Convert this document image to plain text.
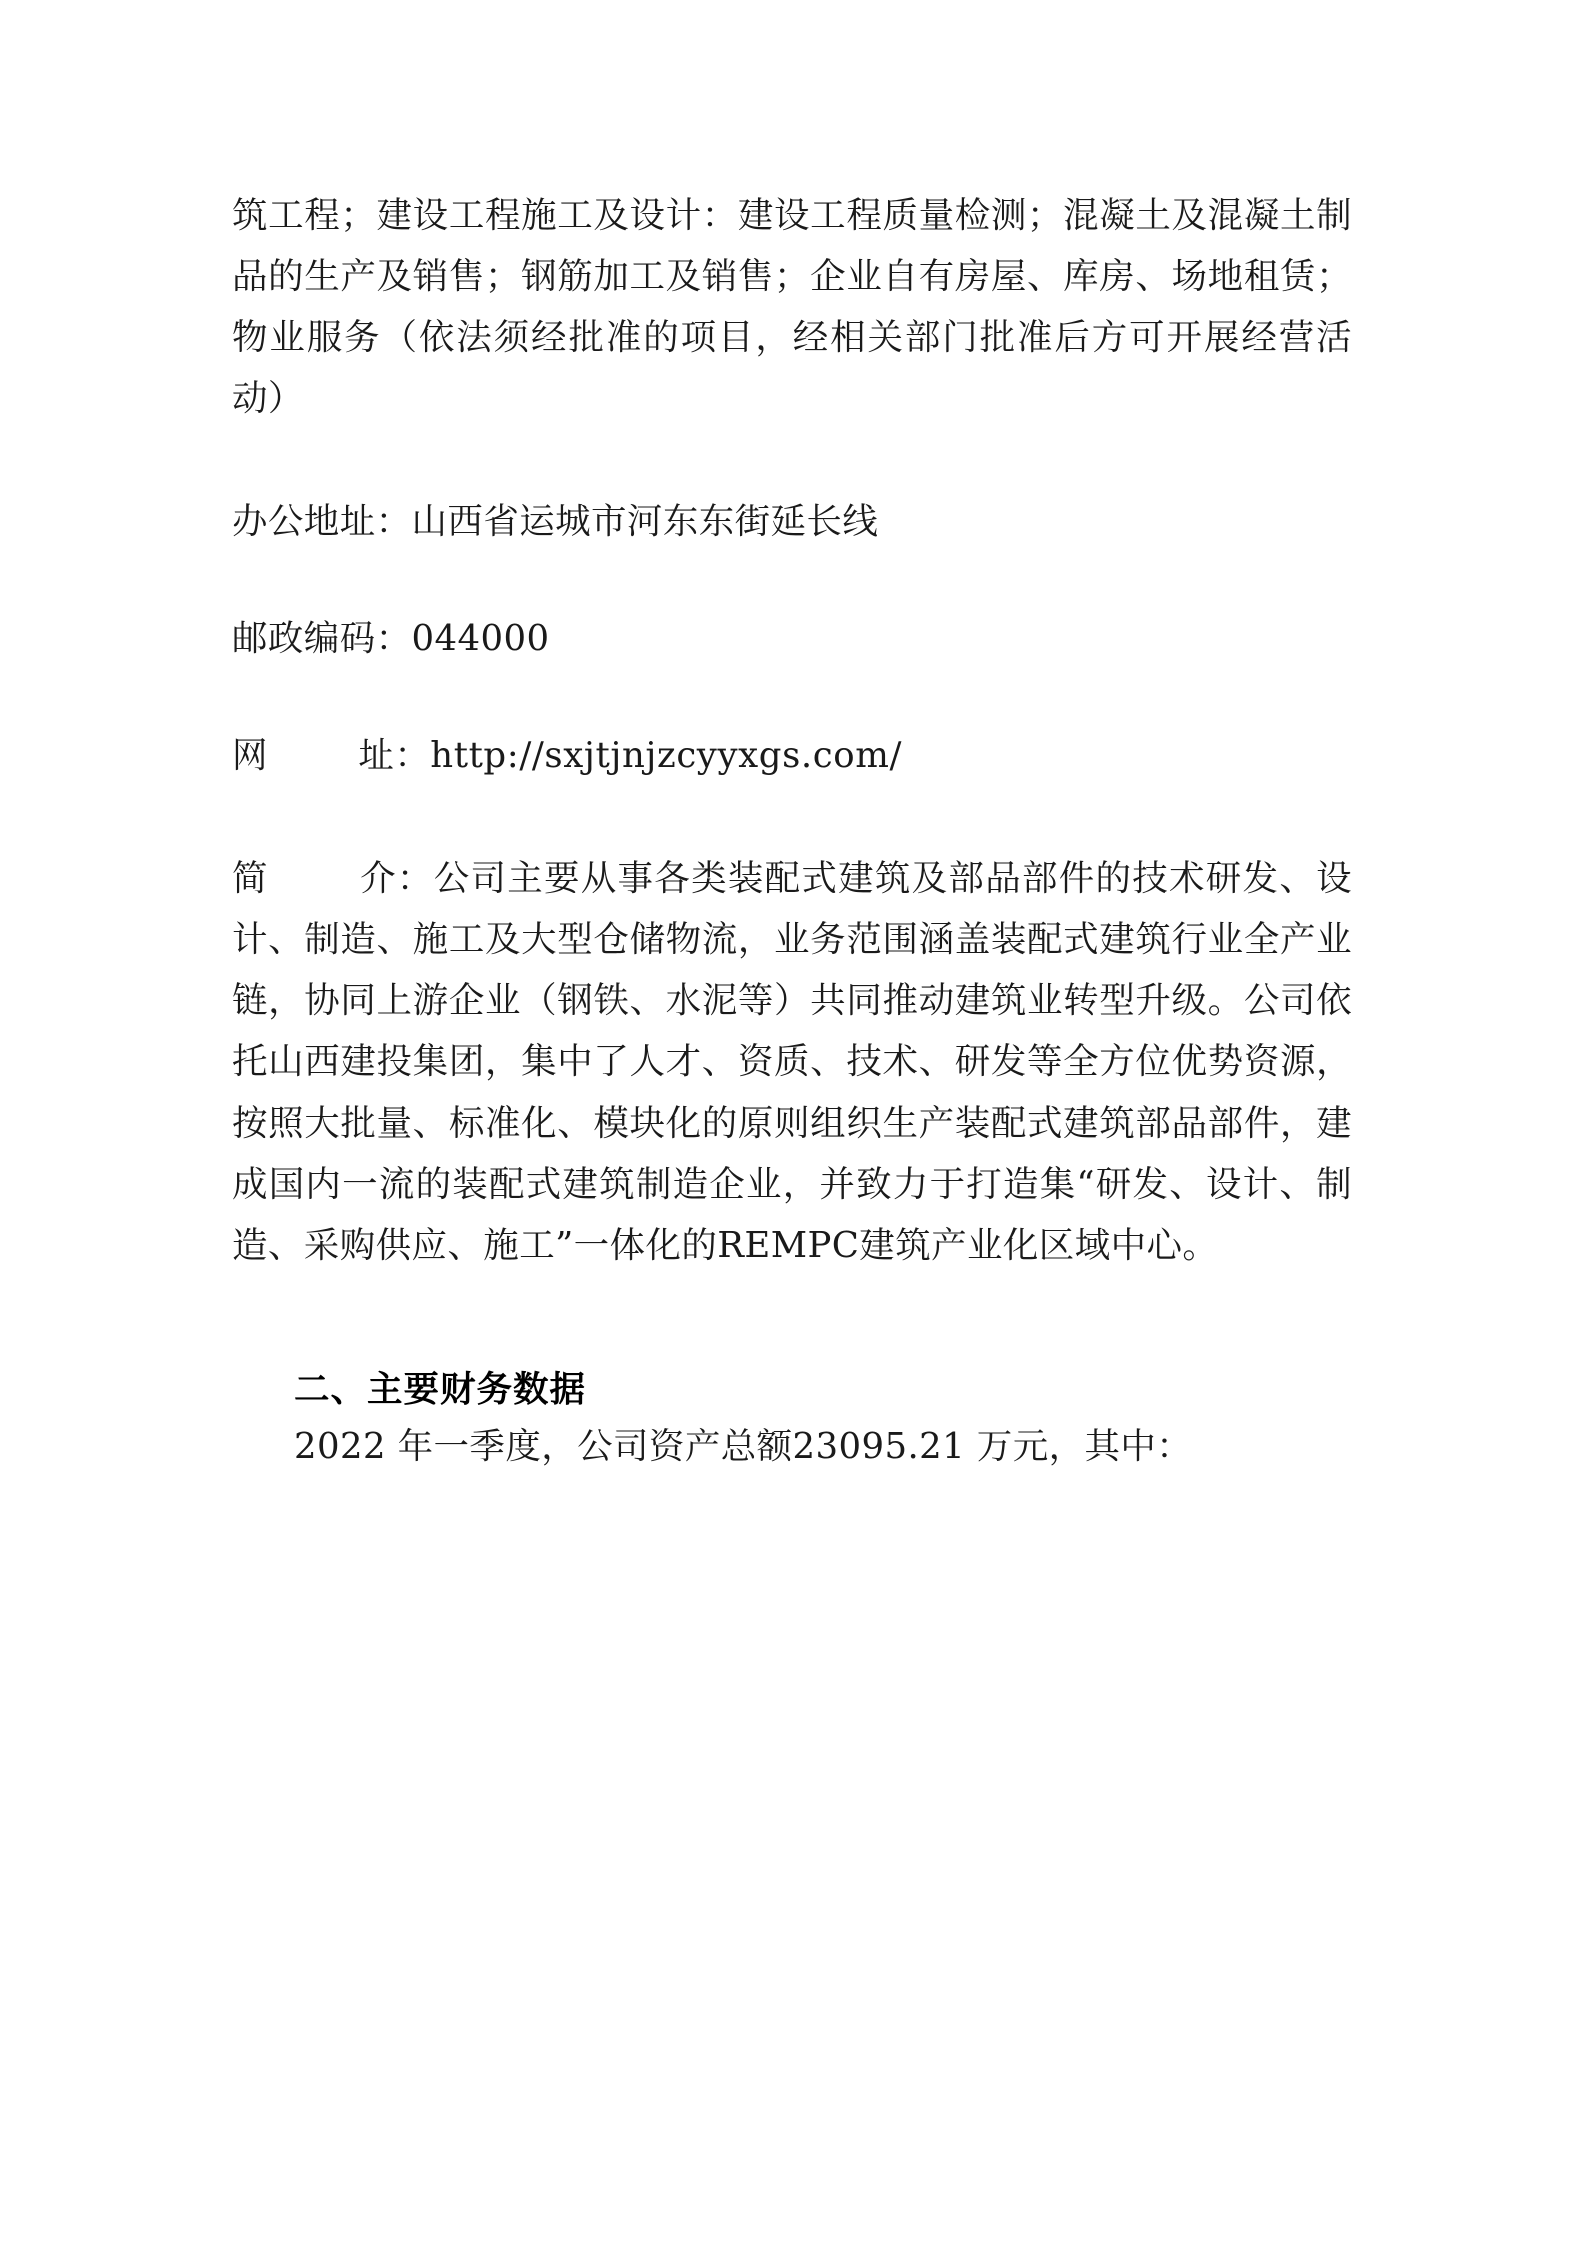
筑工程；建设工程施工及设计：建设工程质量检测；混凝土及混凝土制品的生产及销售；钢筋加工及销售；企业自有房屋、库房、场地租赁；物业服务（依法须经批准的项目，经相关部门批准后方可开展经营活动）

办公地址：山西省运城市河东东街延长线

邮政编码：044000

网	址：http://sxjtjnjzcyyxgs.com/

简	介：公司主要从事各类装配式建筑及部品部件的技术研发、设计、制造、施工及大型仓储物流，业务范围涵盖装配式建筑行业全产业链，协同上游企业（钢铁、水泥等）共同推动建筑业转型升级。公司依托山西建投集团，集中了人才、资质、技术、研发等全方位优势资源，按照大批量、标准化、模块化的原则组织生产装配式建筑部品部件，建成国内一流的装配式建筑制造企业，并致力于打造集“研发、设计、制造、采购供应、施工”一体化的REMPC建筑产业化区域中心。

二、主要财务数据

2022 年一季度，公司资产总额23095.21 万元，其中：
